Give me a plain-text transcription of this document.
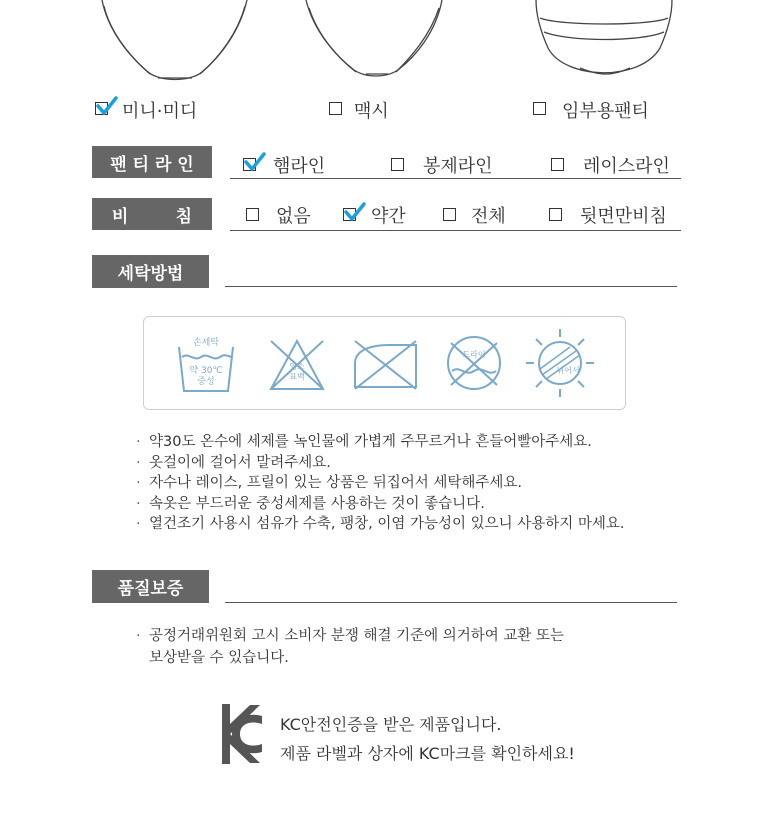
미니·미디	맥시	임부용팬티
팬 티 라 인	햄라인	봉제라인	레이스라인
비        침	없음	약간	전체	뒷면만비침
세탁방법
손세탁
약 30℃
중성
염소
표백
드라이
뉘어서
· 약30도 온수에 세제를 녹인물에 가볍게 주무르거나 흔들어빨아주세요.
· 옷걸이에 걸어서 말려주세요.
· 자수나 레이스, 프릴이 있는 상품은 뒤집어서 세탁해주세요.
· 속옷은 부드러운 중성세제를 사용하는 것이 좋습니다.
· 열건조기 사용시 섬유가 수축, 팽창, 이염 가능성이 있으니 사용하지 마세요.
품질보증
· 공정거래위원회 고시 소비자 분쟁 해결 기준에 의거하여 교환 또는
보상받을 수 있습니다.
KC안전인증을 받은 제품입니다.
제품 라벨과 상자에 KC마크를 확인하세요!
